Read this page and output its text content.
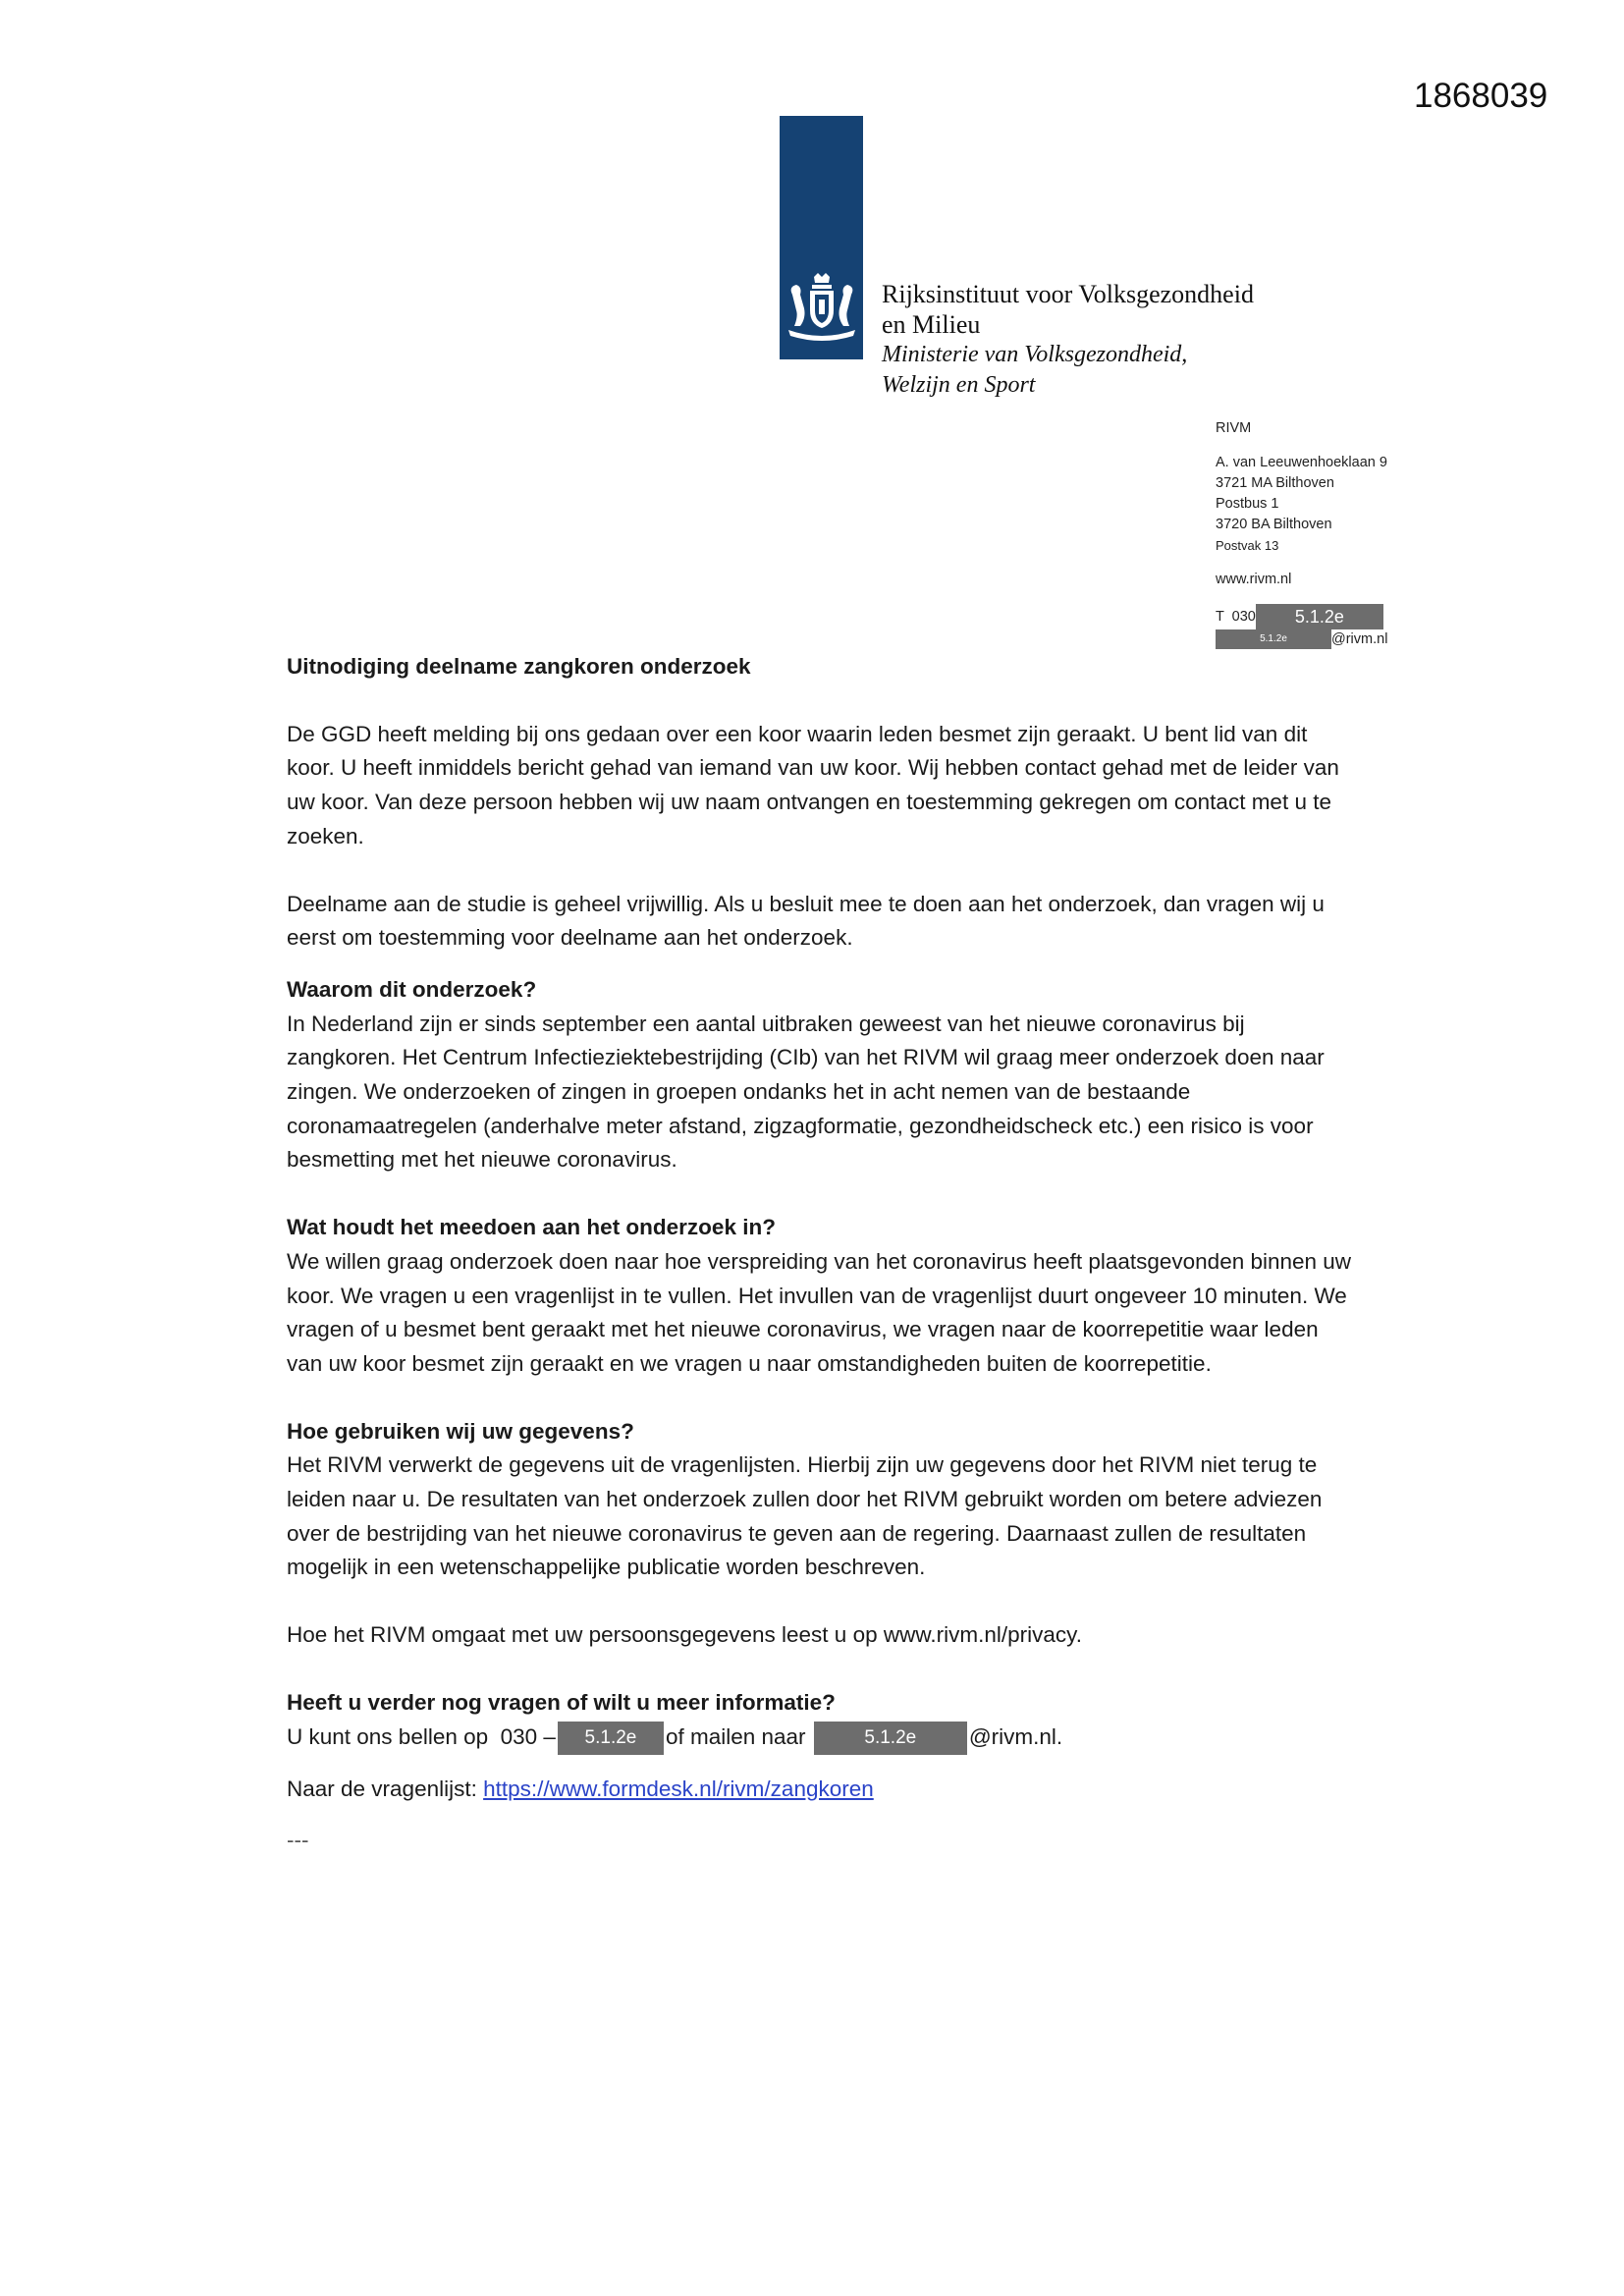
1868039
Rijksinstituut voor Volksgezondheid
en Milieu
Ministerie van Volksgezondheid,
Welzijn en Sport
RIVM
A. van Leeuwenhoeklaan 9
3721 MA Bilthoven
Postbus 1
3720 BA Bilthoven
Postvak 13
www.rivm.nl
T  030 5.1.2e
5.1.2e	@rivm.nl

Uitnodiging deelname zangkoren onderzoek

De GGD heeft melding bij ons gedaan over een koor waarin leden besmet zijn geraakt. U bent lid van dit koor. U heeft inmiddels bericht gehad van iemand van uw koor. Wij hebben contact gehad met de leider van uw koor. Van deze persoon hebben wij uw naam ontvangen en toestemming gekregen om contact met u te zoeken.

Deelname aan de studie is geheel vrijwillig. Als u besluit mee te doen aan het onderzoek, dan vragen wij u eerst om toestemming voor deelname aan het onderzoek.

Waarom dit onderzoek?

In Nederland zijn er sinds september een aantal uitbraken geweest van het nieuwe coronavirus bij zangkoren. Het Centrum Infectieziektebestrijding (CIb) van het RIVM wil graag meer onderzoek doen naar zingen. We onderzoeken of zingen in groepen ondanks het in acht nemen van de bestaande coronamaatregelen (anderhalve meter afstand, zigzagformatie, gezondheidscheck etc.) een risico is voor besmetting met het nieuwe coronavirus.

Wat houdt het meedoen aan het onderzoek in?

We willen graag onderzoek doen naar hoe verspreiding van het coronavirus heeft plaatsgevonden binnen uw koor. We vragen u een vragenlijst in te vullen. Het invullen van de vragenlijst duurt ongeveer 10 minuten. We vragen of u besmet bent geraakt met het nieuwe coronavirus, we vragen naar de koorrepetitie waar leden van uw koor besmet zijn geraakt en we vragen u naar omstandigheden buiten de koorrepetitie.

Hoe gebruiken wij uw gegevens?

Het RIVM verwerkt de gegevens uit de vragenlijsten. Hierbij zijn uw gegevens door het RIVM niet terug te leiden naar u. De resultaten van het onderzoek zullen door het RIVM gebruikt worden om betere adviezen over de bestrijding van het nieuwe coronavirus te geven aan de regering. Daarnaast zullen de resultaten mogelijk in een wetenschappelijke publicatie worden beschreven.

Hoe het RIVM omgaat met uw persoonsgegevens leest u op www.rivm.nl/privacy.

Heeft u verder nog vragen of wilt u meer informatie?

U kunt ons bellen op  030 – 5.1.2e of mailen naar	5.1.2e @rivm.nl.

Naar de vragenlijst: https://www.formdesk.nl/rivm/zangkoren

---
